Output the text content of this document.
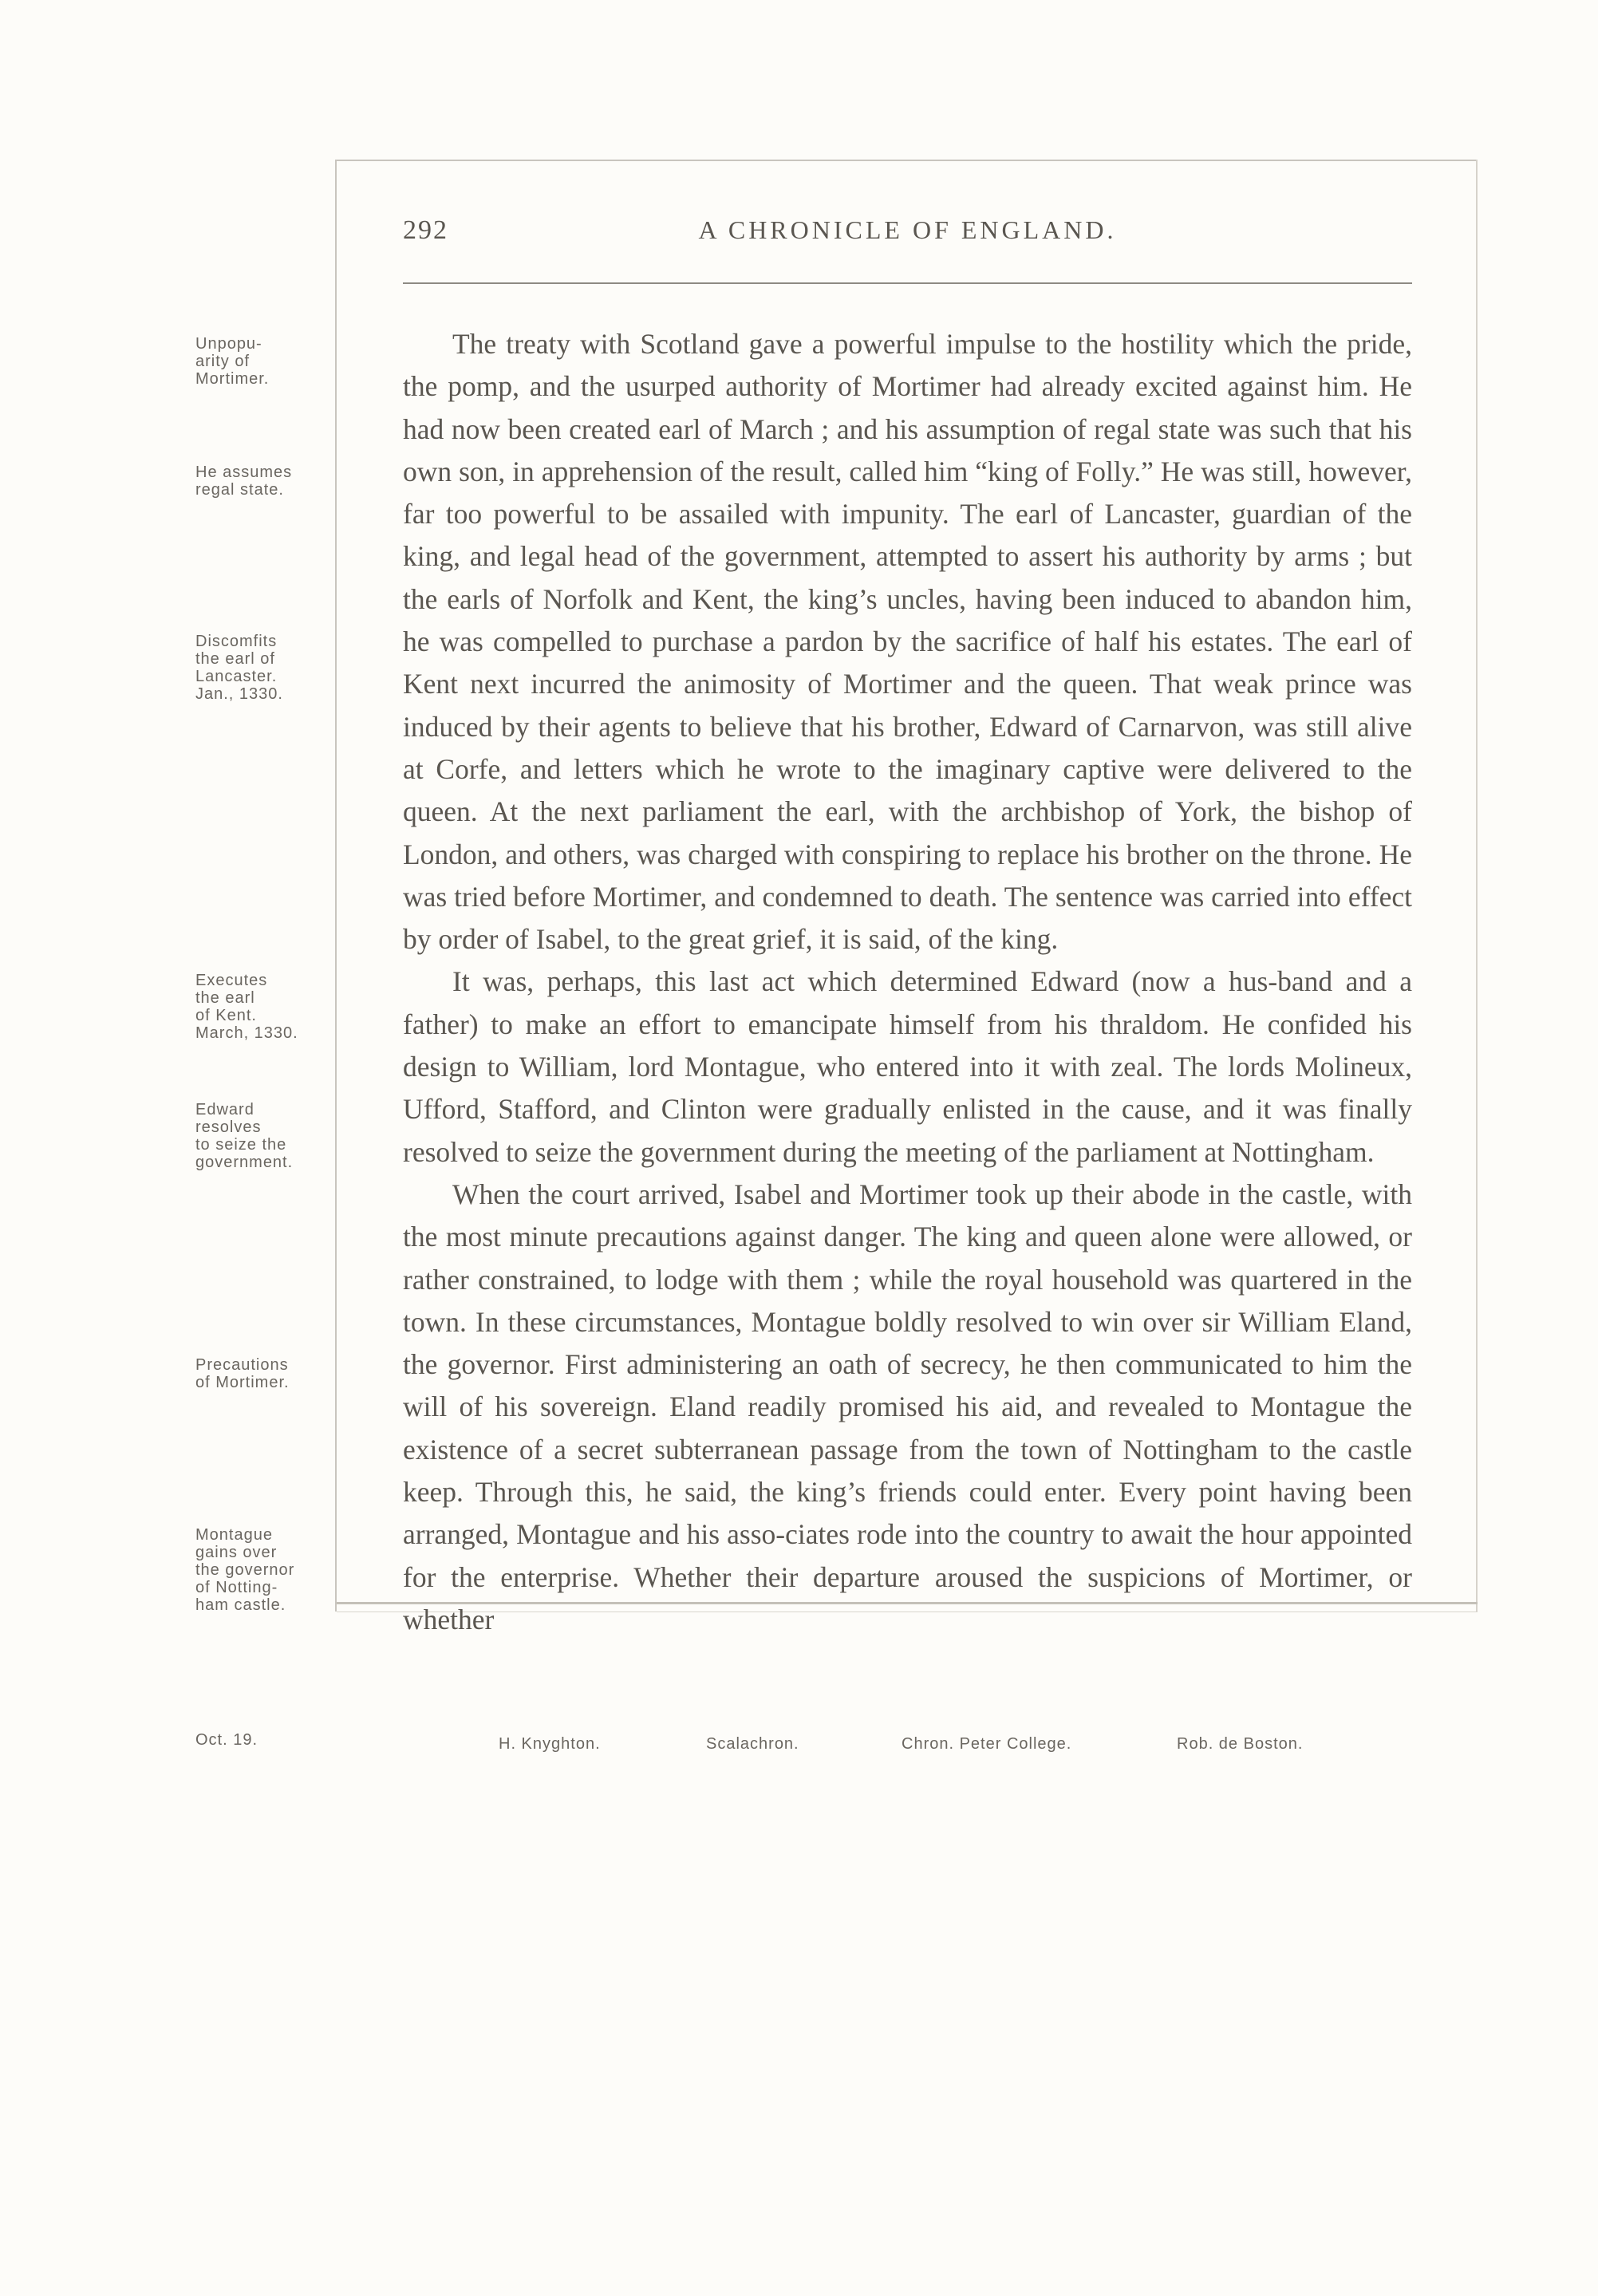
292	A CHRONICLE OF ENGLAND.
Unpopu-
arity of
Mortimer.
He assumes
regal state.
Discomfits
the earl of
Lancaster.
Jan., 1330.
Executes
the earl
of Kent.
March, 1330.
Edward
resolves
to seize the
government.
Precautions
of Mortimer.
Montague
gains over
the governor
of Notting-
ham castle.
Oct. 19.

The treaty with Scotland gave a powerful impulse to the hostility which the pride, the pomp, and the usurped authority of Mortimer had already excited against him. He had now been created earl of March ; and his assumption of regal state was such that his own son, in apprehension of the result, called him “king of Folly.” He was still, however, far too powerful to be assailed with impunity. The earl of Lancaster, guardian of the king, and legal head of the government, attempted to assert his authority by arms ; but the earls of Norfolk and Kent, the king’s uncles, having been induced to abandon him, he was compelled to purchase a pardon by the sacrifice of half his estates. The earl of Kent next incurred the animosity of Mortimer and the queen. That weak prince was induced by their agents to believe that his brother, Edward of Carnarvon, was still alive at Corfe, and letters which he wrote to the imaginary captive were delivered to the queen. At the next parliament the earl, with the archbishop of York, the bishop of London, and others, was charged with conspiring to replace his brother on the throne. He was tried before Mortimer, and condemned to death. The sentence was carried into effect by order of Isabel, to the great grief, it is said, of the king.

It was, perhaps, this last act which determined Edward (now a hus-band and a father) to make an effort to emancipate himself from his thraldom. He confided his design to William, lord Montague, who entered into it with zeal. The lords Molineux, Ufford, Stafford, and Clinton were gradually enlisted in the cause, and it was finally resolved to seize the government during the meeting of the parliament at Nottingham.

When the court arrived, Isabel and Mortimer took up their abode in the castle, with the most minute precautions against danger. The king and queen alone were allowed, or rather constrained, to lodge with them ; while the royal household was quartered in the town. In these circumstances, Montague boldly resolved to win over sir William Eland, the governor. First administering an oath of secrecy, he then communicated to him the will of his sovereign. Eland readily promised his aid, and revealed to Montague the existence of a secret subterranean passage from the town of Nottingham to the castle keep. Through this, he said, the king’s friends could enter. Every point having been arranged, Montague and his asso-ciates rode into the country to await the hour appointed for the enterprise. Whether their departure aroused the suspicions of Mortimer, or whether

H. Knyghton.	Scalachron.	Chron. Peter College.	Rob. de Boston.
